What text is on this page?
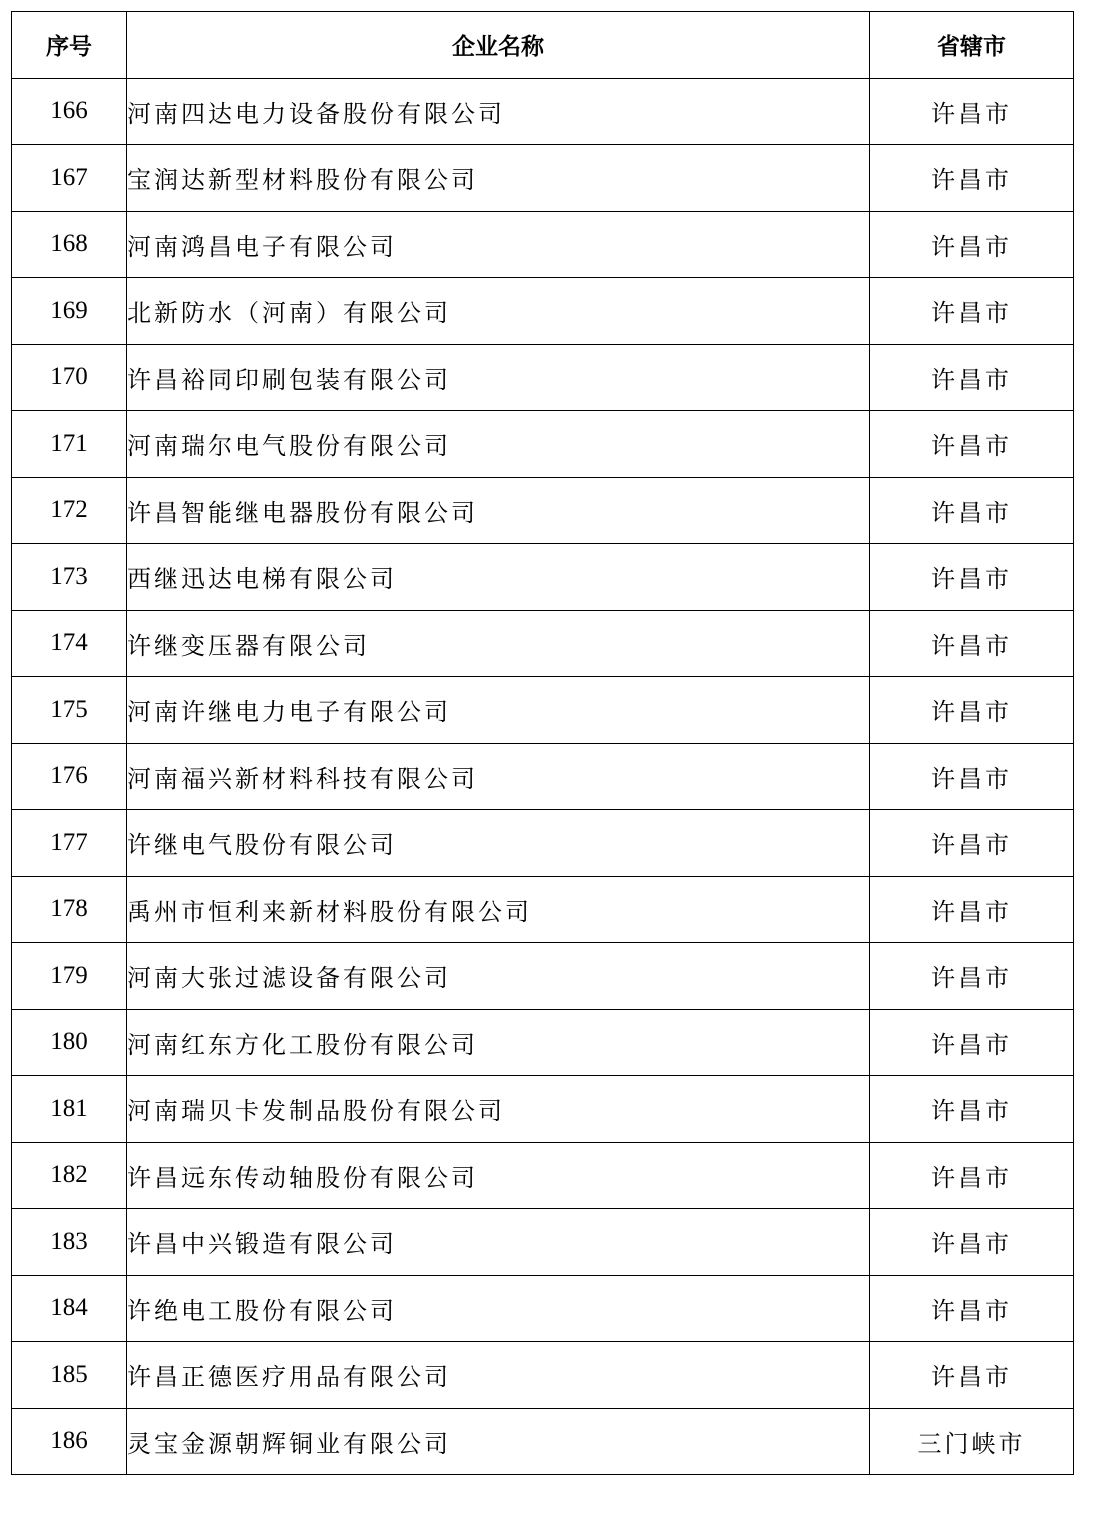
序号	企业名称	省辖市
166	河南四达电力设备股份有限公司	许昌市
167	宝润达新型材料股份有限公司	许昌市
168	河南鸿昌电子有限公司	许昌市
169	北新防水（河南）有限公司	许昌市
170	许昌裕同印刷包装有限公司	许昌市
171	河南瑞尔电气股份有限公司	许昌市
172	许昌智能继电器股份有限公司	许昌市
173	西继迅达电梯有限公司	许昌市
174	许继变压器有限公司	许昌市
175	河南许继电力电子有限公司	许昌市
176	河南福兴新材料科技有限公司	许昌市
177	许继电气股份有限公司	许昌市
178	禹州市恒利来新材料股份有限公司	许昌市
179	河南大张过滤设备有限公司	许昌市
180	河南红东方化工股份有限公司	许昌市
181	河南瑞贝卡发制品股份有限公司	许昌市
182	许昌远东传动轴股份有限公司	许昌市
183	许昌中兴锻造有限公司	许昌市
184	许绝电工股份有限公司	许昌市
185	许昌正德医疗用品有限公司	许昌市
186	灵宝金源朝辉铜业有限公司	三门峡市
